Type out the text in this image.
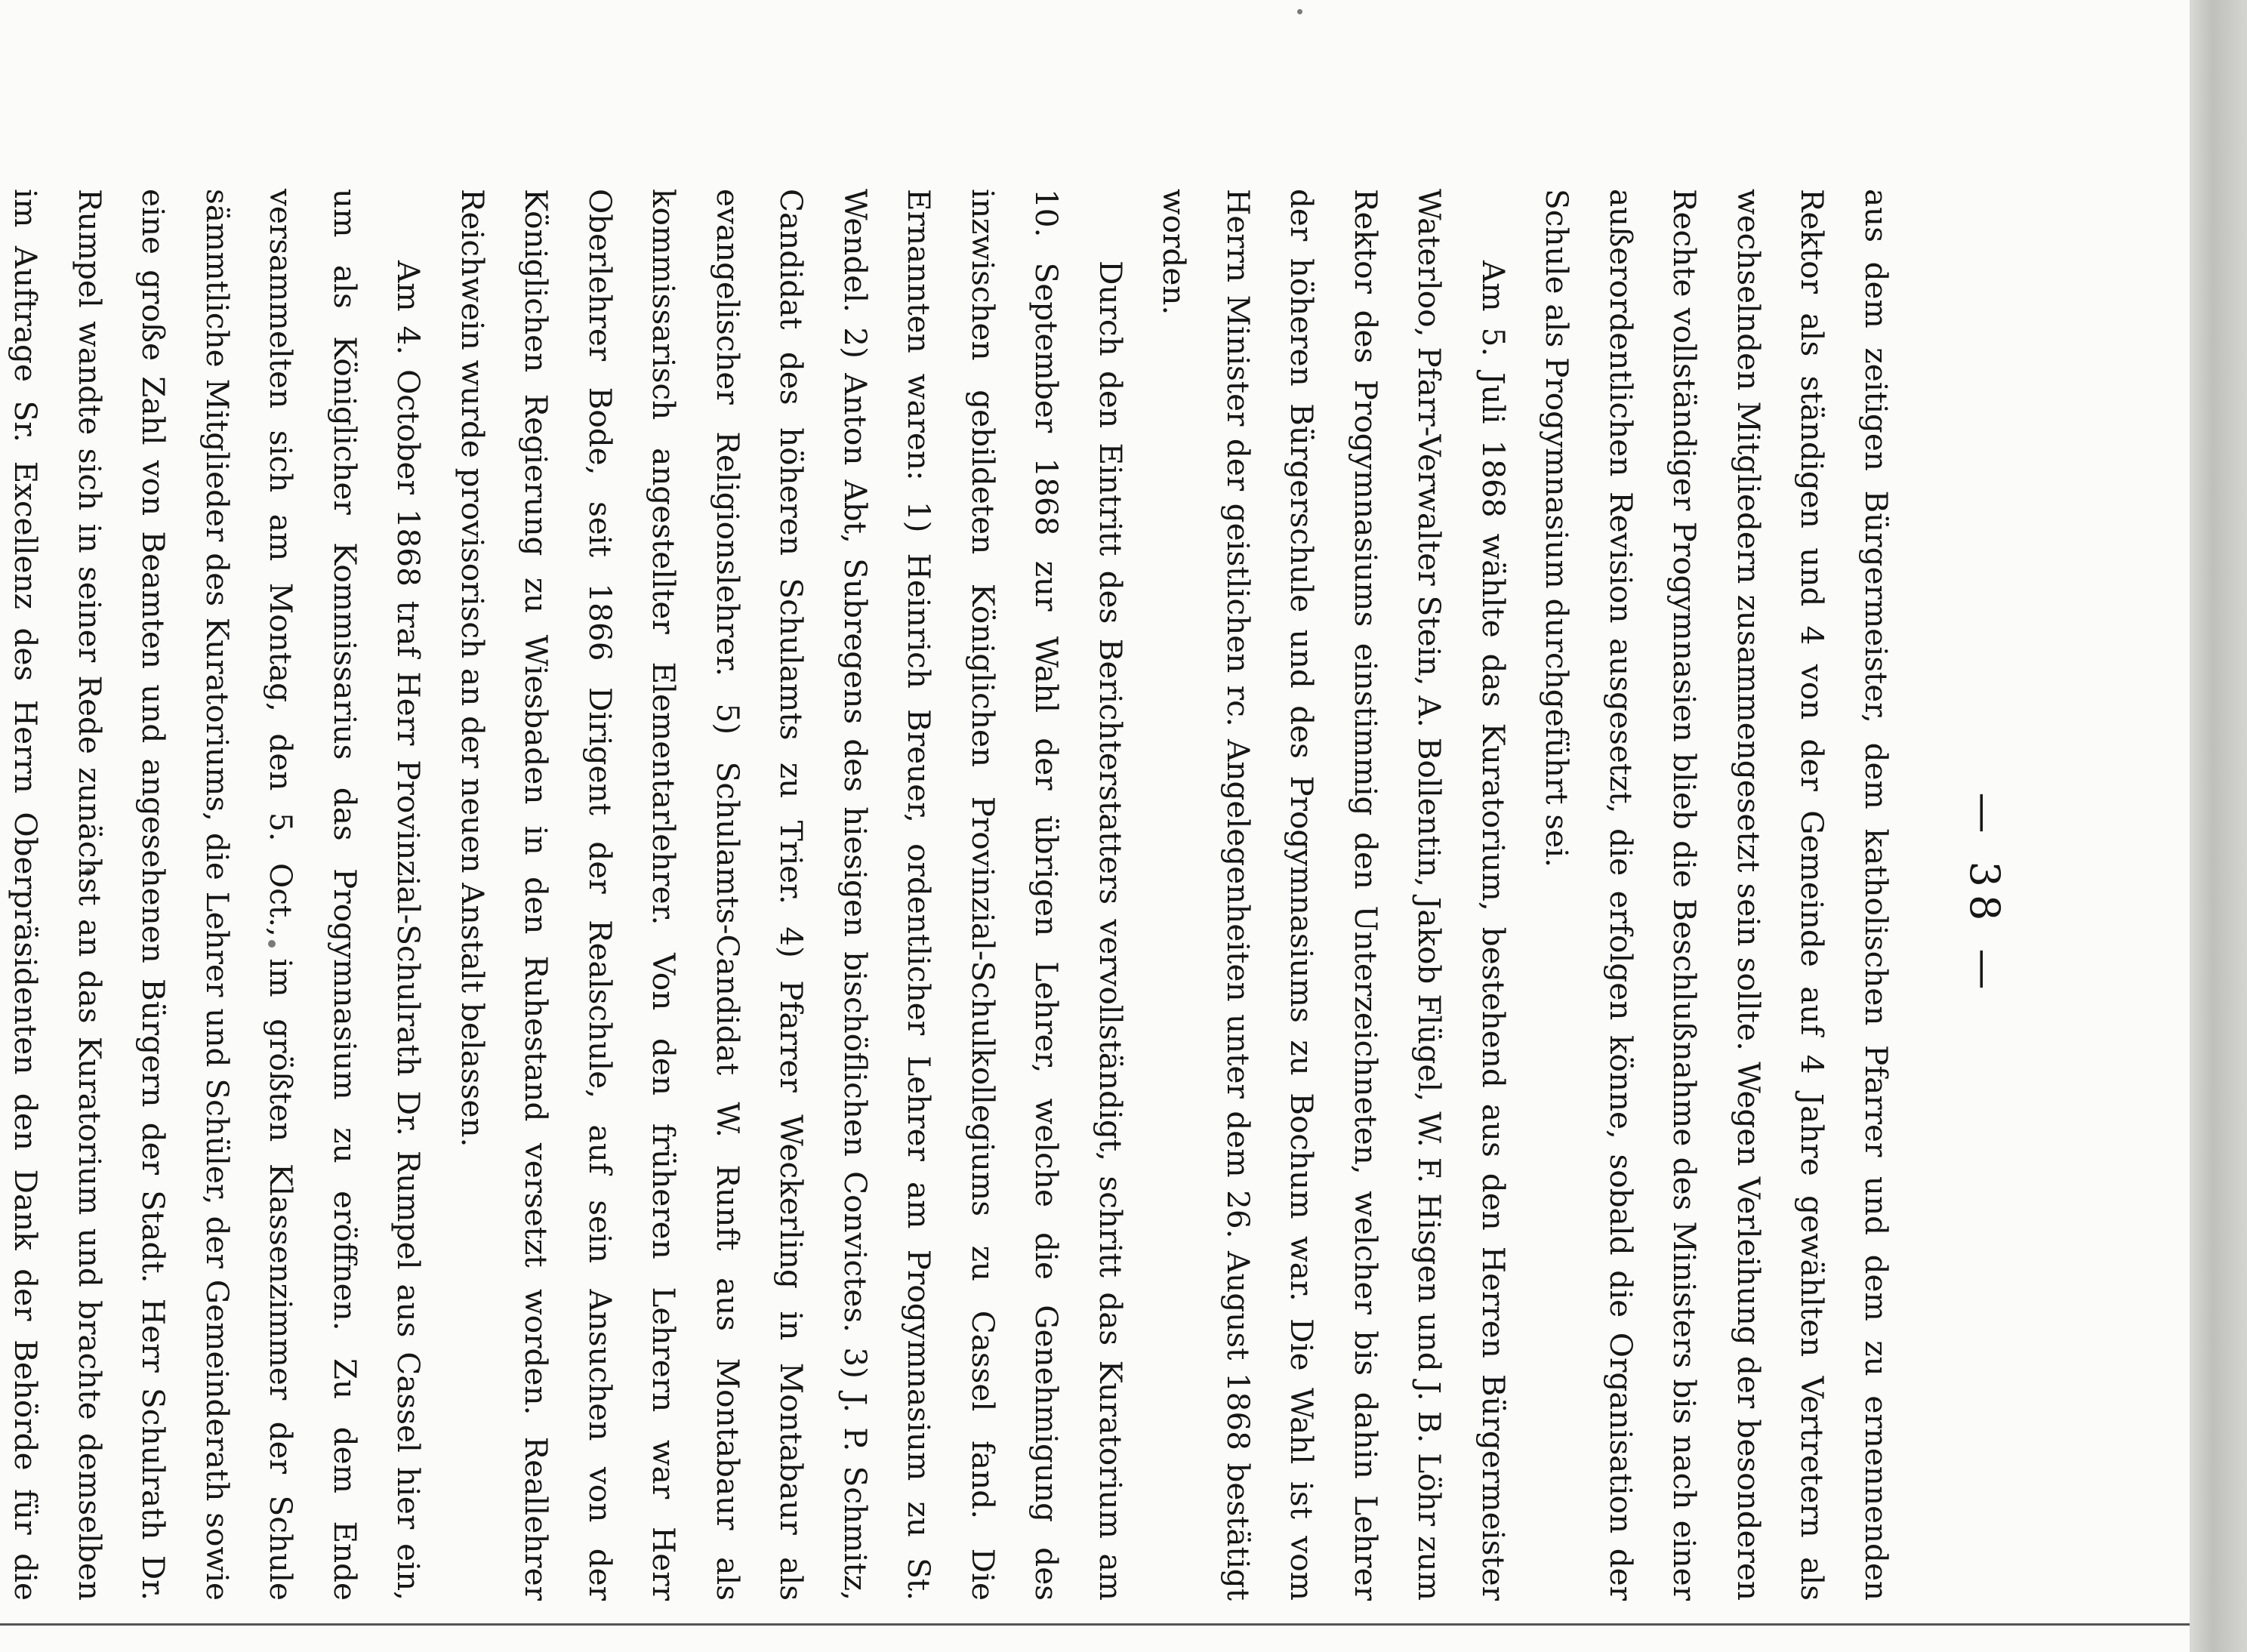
— 38 —

aus dem zeitigen Bürgermeister, dem katholischen Pfarrer und dem zu ernennenden Rektor als ständigen und 4 von der Gemeinde auf 4 Jahre gewählten Vertretern als wechselnden Mitgliedern zusammengesetzt sein sollte. Wegen Verleihung der besonderen Rechte vollständiger Progymnasien blieb die Beschlußnahme des Ministers bis nach einer außerordentlichen Revision ausgesetzt, die erfolgen könne, sobald die Organisation der Schule als Progymnasium durchgeführt sei.

Am 5. Juli 1868 wählte das Kuratorium, bestehend aus den Herren Bürgermeister Waterloo, Pfarr-Verwalter Stein, A. Bollentin, Jakob Flügel, W. F. Hisgen und J. B. Löhr zum Rektor des Progymnasiums einstimmig den Unterzeichneten, welcher bis dahin Lehrer der höheren Bürgerschule und des Progymnasiums zu Bochum war. Die Wahl ist vom Herrn Minister der geistlichen rc. Angelegenheiten unter dem 26. August 1868 bestätigt worden.

Durch den Eintritt des Berichterstatters vervollständigt, schritt das Kuratorium am 10. September 1868 zur Wahl der übrigen Lehrer, welche die Genehmigung des inzwischen gebildeten Königlichen Provinzial-Schulkollegiums zu Cassel fand. Die Ernannten waren: 1) Heinrich Breuer, ordentlicher Lehrer am Progymnasium zu St. Wendel. 2) Anton Abt, Subregens des hiesigen bischöflichen Convictes. 3) J. P. Schmitz, Candidat des höheren Schulamts zu Trier. 4) Pfarrer Weckerling in Montabaur als evangelischer Religionslehrer. 5) Schulamts-Candidat W. Runft aus Montabaur als kommissarisch angestellter Elementarlehrer. Von den früheren Lehrern war Herr Oberlehrer Bode, seit 1866 Dirigent der Realschule, auf sein Ansuchen von der Königlichen Regierung zu Wiesbaden in den Ruhestand versetzt worden. Reallehrer Reichwein wurde provisorisch an der neuen Anstalt belassen.

Am 4. October 1868 traf Herr Provinzial-Schulrath Dr. Rumpel aus Cassel hier ein, um als Königlicher Kommissarius das Progymnasium zu eröffnen. Zu dem Ende versammelten sich am Montag, den 5. Oct., im größten Klassenzimmer der Schule sämmtliche Mitglieder des Kuratoriums, die Lehrer und Schüler, der Gemeinderath sowie eine große Zahl von Beamten und angesehenen Bürgern der Stadt. Herr Schulrath Dr. Rumpel wandte sich in seiner Rede zunächst an das Kuratorium und brachte demselben im Auftrage Sr. Excellenz des Herrn Oberpräsidenten den Dank der Behörde für die
